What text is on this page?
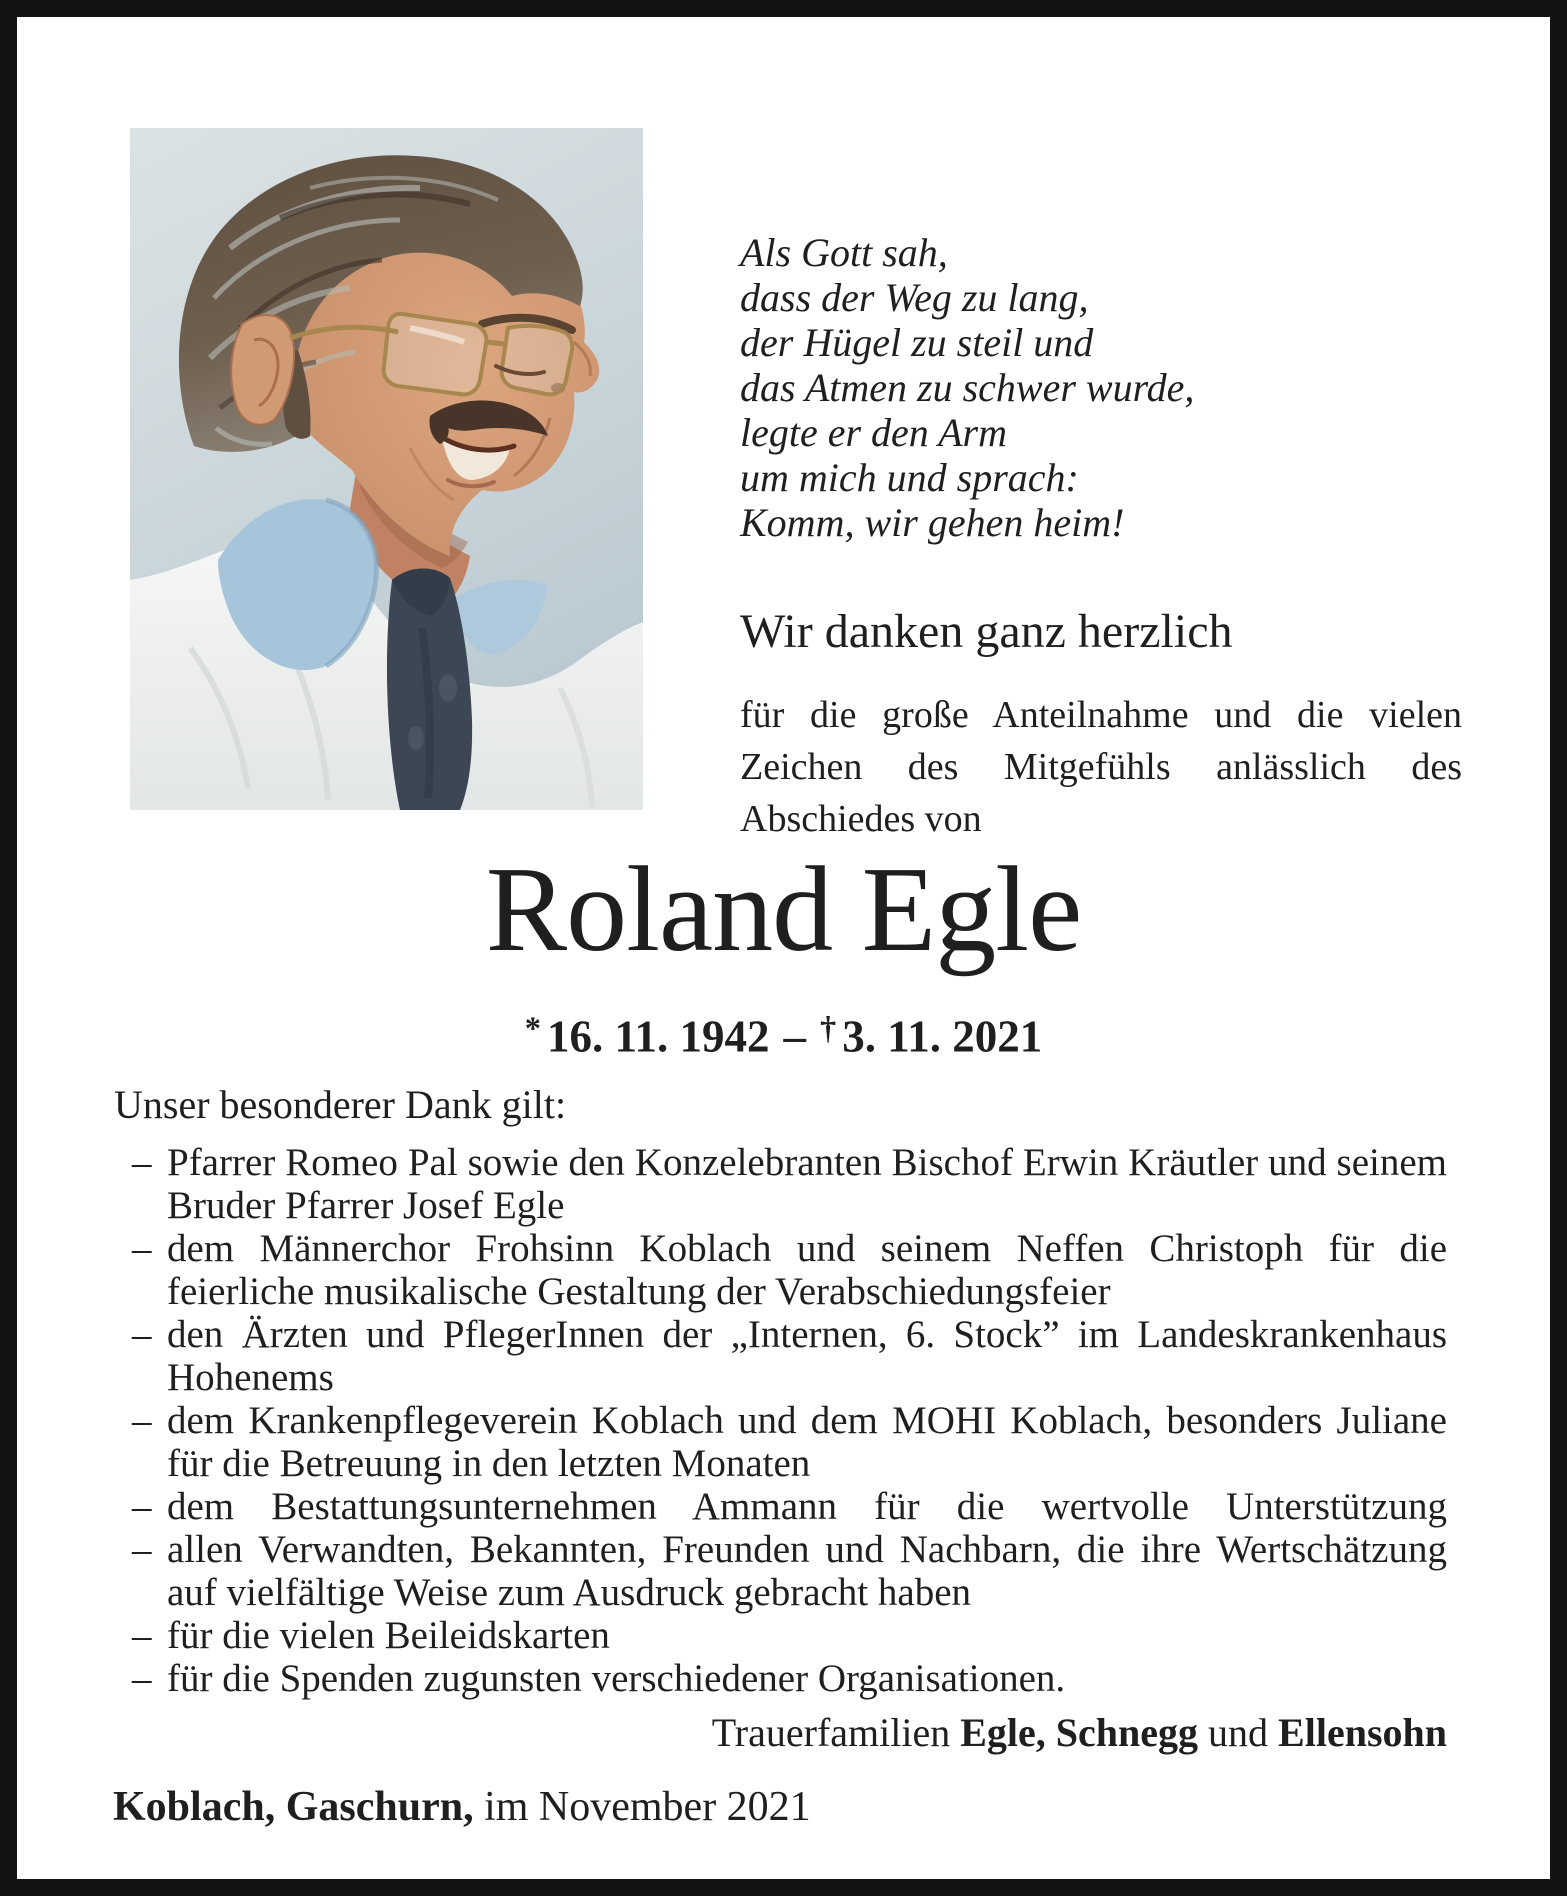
Als Gott sah,
dass der Weg zu lang,
der Hügel zu steil und
das Atmen zu schwer wurde,
legte er den Arm
um mich und sprach:
Komm, wir gehen heim!
Wir danken ganz herzlich
für die große Anteilnahme und die vielen Zeichen des Mitgefühls anlässlich des Abschiedes von
Roland Egle
* 16. 11. 1942 – † 3. 11. 2021
Unser besonderer Dank gilt:
– Pfarrer Romeo Pal sowie den Konzelebranten Bischof Erwin Kräutler und seinem Bruder Pfarrer Josef Egle
– dem Männerchor Frohsinn Koblach und seinem Neffen Christoph für die feierliche musikalische Gestaltung der Verabschiedungsfeier
– den Ärzten und PflegerInnen der „Internen, 6. Stock” im Landeskrankenhaus Hohenems
– dem Krankenpflegeverein Koblach und dem MOHI Koblach, besonders Juliane für die Betreuung in den letzten Monaten
– dem Bestattungsunternehmen Ammann für die wertvolle Unterstützung
– allen Verwandten, Bekannten, Freunden und Nachbarn, die ihre Wertschätzung auf vielfältige Weise zum Ausdruck gebracht haben
– für die vielen Beileidskarten
– für die Spenden zugunsten verschiedener Organisationen.
Trauerfamilien Egle, Schnegg und Ellensohn
Koblach, Gaschurn, im November 2021
